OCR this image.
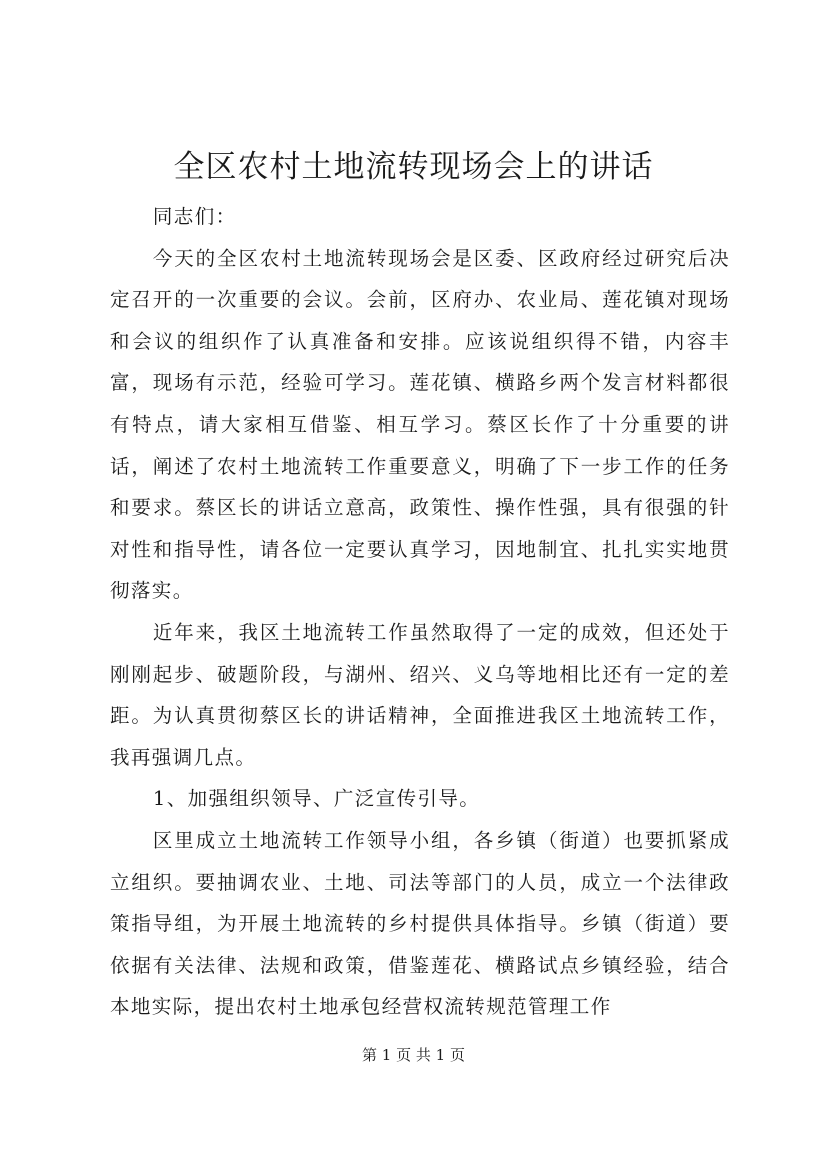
全区农村土地流转现场会上的讲话

同志们：

今天的全区农村土地流转现场会是区委、区政府经过研究后决定召开的一次重要的会议。会前，区府办、农业局、莲花镇对现场和会议的组织作了认真准备和安排。应该说组织得不错，内容丰富，现场有示范，经验可学习。莲花镇、横路乡两个发言材料都很有特点，请大家相互借鉴、相互学习。蔡区长作了十分重要的讲话，阐述了农村土地流转工作重要意义，明确了下一步工作的任务和要求。蔡区长的讲话立意高，政策性、操作性强，具有很强的针对性和指导性，请各位一定要认真学习，因地制宜、扎扎实实地贯彻落实。

近年来，我区土地流转工作虽然取得了一定的成效，但还处于刚刚起步、破题阶段，与湖州、绍兴、义乌等地相比还有一定的差距。为认真贯彻蔡区长的讲话精神，全面推进我区土地流转工作，我再强调几点。

1、加强组织领导、广泛宣传引导。

区里成立土地流转工作领导小组，各乡镇（街道）也要抓紧成立组织。要抽调农业、土地、司法等部门的人员，成立一个法律政策指导组，为开展土地流转的乡村提供具体指导。乡镇（街道）要依据有关法律、法规和政策，借鉴莲花、横路试点乡镇经验，结合本地实际，提出农村土地承包经营权流转规范管理工作

第 1 页 共 1 页
